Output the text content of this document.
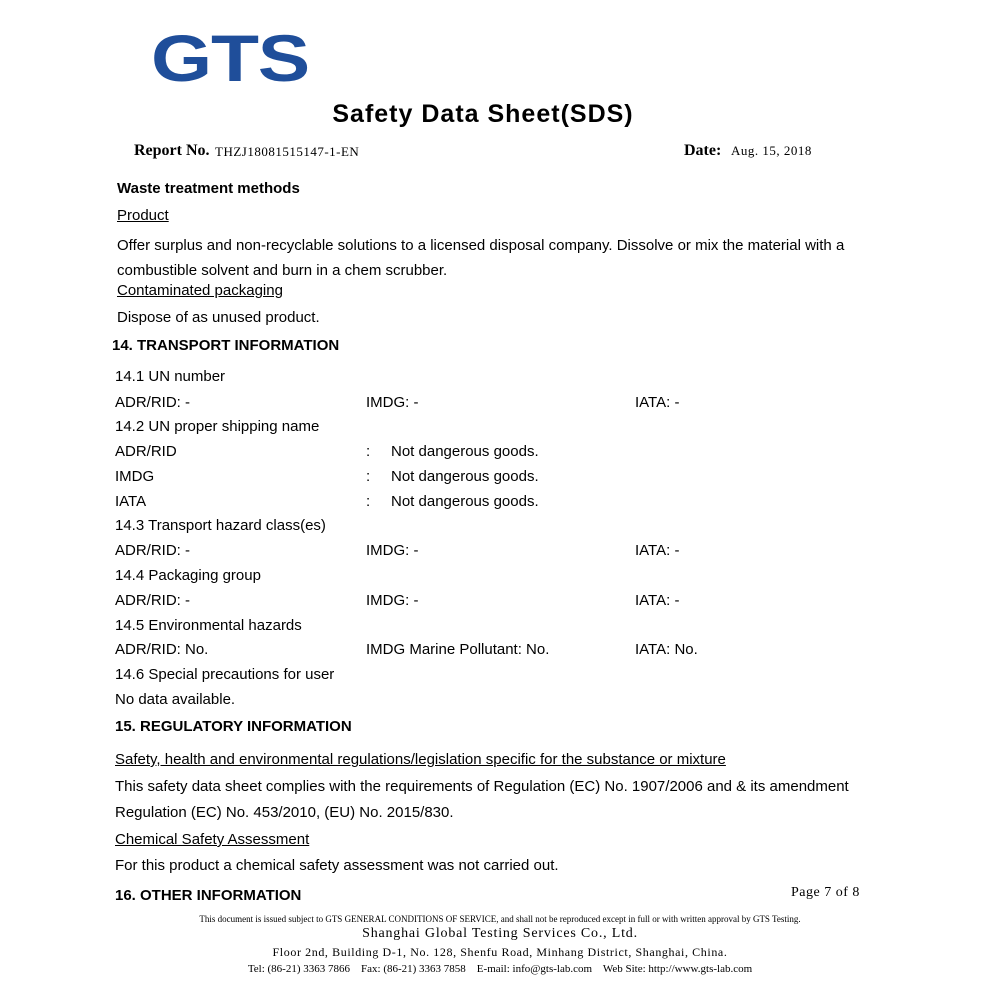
GTS
Safety Data Sheet(SDS)
Report No. THZJ18081515147-1-EN	Date: Aug. 15, 2018
Waste treatment methods
Product
Offer surplus and non-recyclable solutions to a licensed disposal company. Dissolve or mix the material with a combustible solvent and burn in a chem scrubber.
Contaminated packaging
Dispose of as unused product.
14. TRANSPORT INFORMATION
14.1 UN number
ADR/RID: -	IMDG: -	IATA: -
14.2 UN proper shipping name
ADR/RID	: Not dangerous goods.
IMDG	: Not dangerous goods.
IATA	: Not dangerous goods.
14.3 Transport hazard class(es)
ADR/RID: -	IMDG: -	IATA: -
14.4 Packaging group
ADR/RID: -	IMDG: -	IATA: -
14.5 Environmental hazards
ADR/RID: No.	IMDG Marine Pollutant: No.	IATA: No.
14.6 Special precautions for user
No data available.
15. REGULATORY INFORMATION
Safety, health and environmental regulations/legislation specific for the substance or mixture
This safety data sheet complies with the requirements of Regulation (EC) No. 1907/2006 and & its amendment
Regulation (EC) No. 453/2010, (EU) No. 2015/830.
Chemical Safety Assessment
For this product a chemical safety assessment was not carried out.
16. OTHER INFORMATION	Page 7 of 8
This document is issued subject to GTS GENERAL CONDITIONS OF SERVICE, and shall not be reproduced except in full or with written approval by GTS Testing.
Shanghai Global Testing Services Co., Ltd.
Floor 2nd, Building D-1, No. 128, Shenfu Road, Minhang District, Shanghai, China.
Tel: (86-21) 3363 7866    Fax: (86-21) 3363 7858    E-mail: info@gts-lab.com    Web Site: http://www.gts-lab.com
